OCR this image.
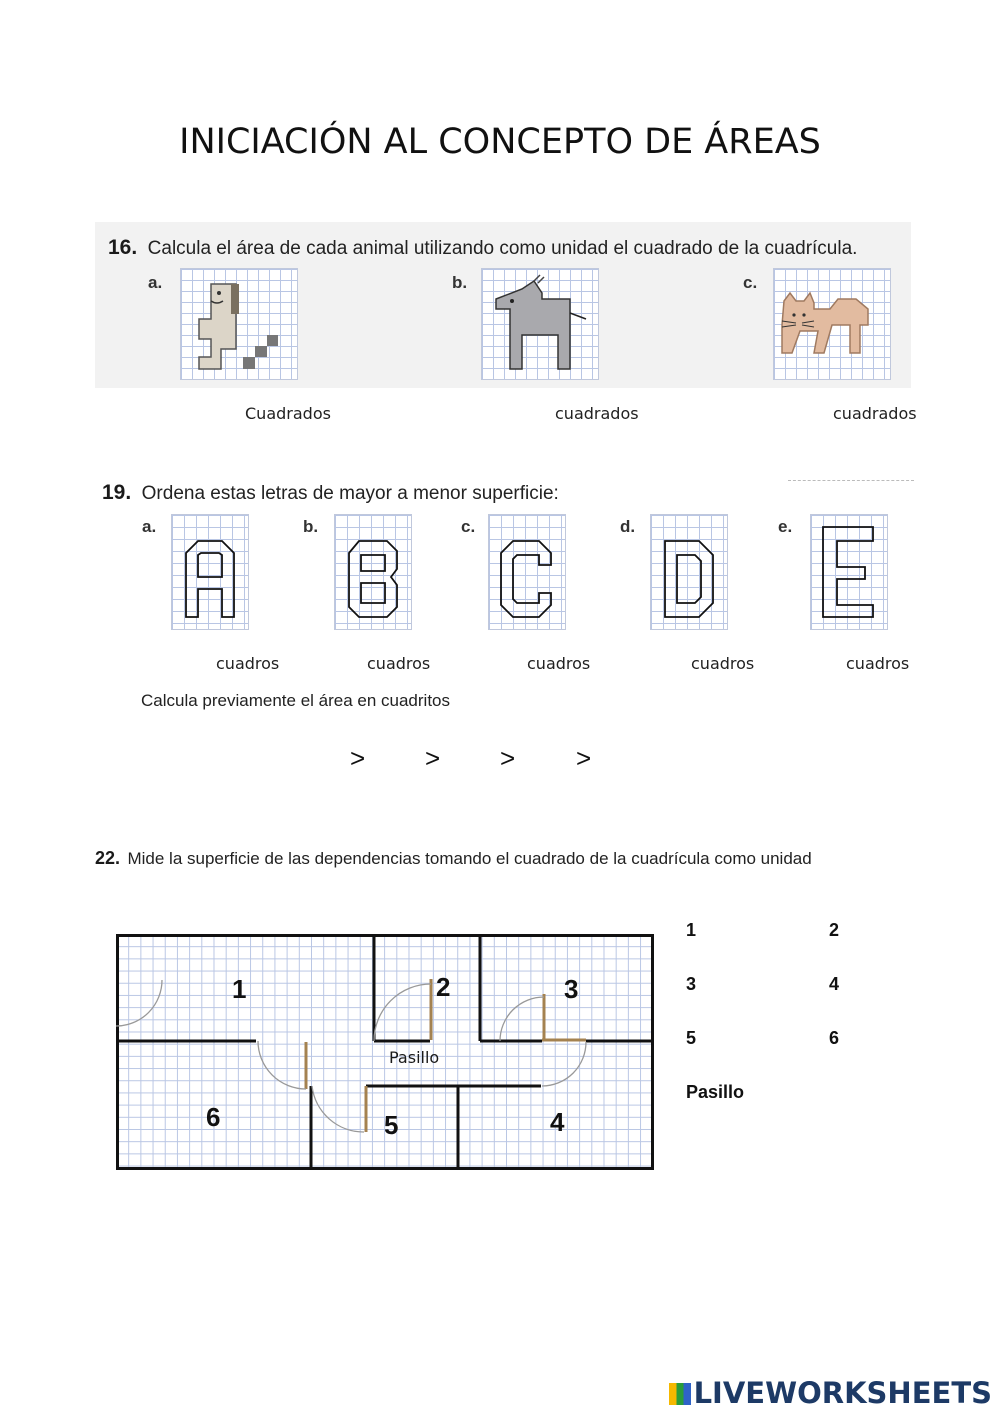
INICIACIÓN AL CONCEPTO DE ÁREAS
16. Calcula el área de cada animal utilizando como unidad el cuadrado de la cuadrícula.
a.
Cuadrados
b.
cuadrados
c.
cuadrados
19. Ordena estas letras de mayor a menor superficie:
a.
cuadros
b.
cuadros
c.
cuadros
d.
cuadros
e.
cuadros
Calcula previamente el área en cuadritos
> > > >
22. Mide la superficie de las dependencias tomando el cuadrado de la cuadrícula como unidad
1	2	3
4
5
6
Pasillo
1	2
3	4
5	6
Pasillo
LIVEWORKSHEETS
